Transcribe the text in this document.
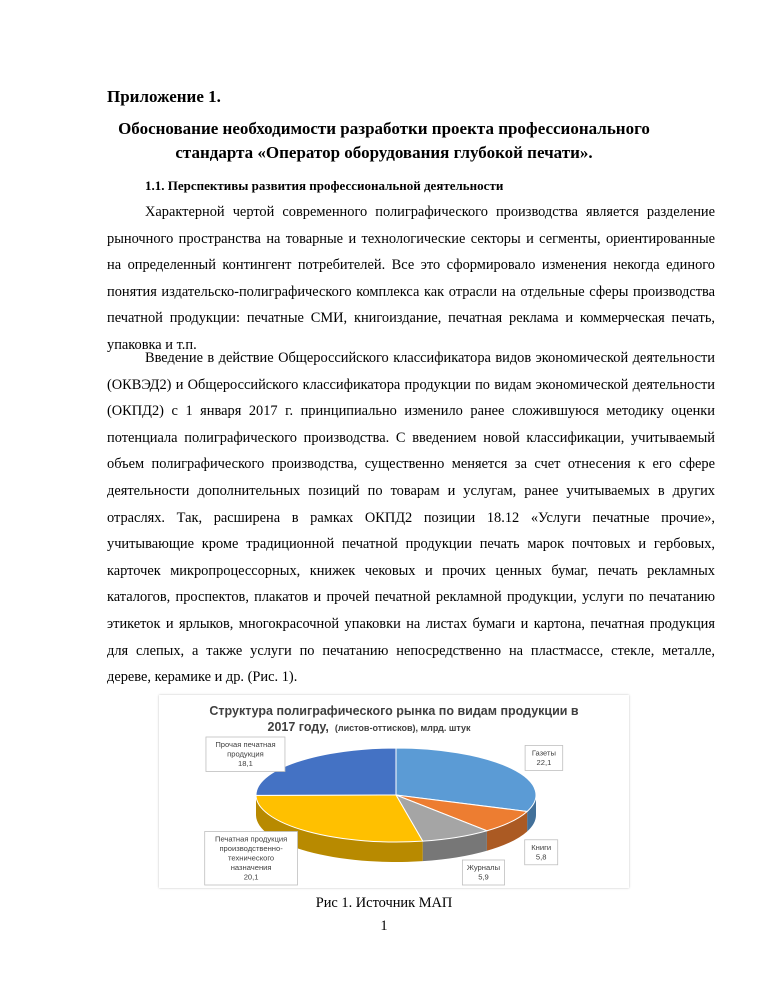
Приложение 1.

Обоснование необходимости разработки проекта профессионального стандарта «Оператор оборудования глубокой печати».

1.1. Перспективы развития профессиональной деятельности

Характерной чертой современного полиграфического производства является разделение рыночного пространства на товарные и технологические секторы и сегменты, ориентированные на определенный контингент потребителей. Все это сформировало изменения некогда единого понятия издательско-полиграфического комплекса как отрасли на отдельные сферы производства печатной продукции: печатные СМИ, книгоиздание, печатная реклама и коммерческая печать, упаковка и т.п.

Введение в действие Общероссийского классификатора видов экономической деятельности (ОКВЭД2) и Общероссийского классификатора продукции по видам экономической деятельности (ОКПД2) с 1 января 2017 г. принципиально изменило ранее сложившуюся методику оценки потенциала полиграфического производства. С введением новой классификации, учитываемый объем полиграфического производства, существенно меняется за счет отнесения к его сфере деятельности дополнительных позиций по товарам и услугам, ранее учитываемых в других отраслях. Так, расширена в рамках ОКПД2 позиции 18.12 «Услуги печатные прочие», учитывающие кроме традиционной печатной продукции печать марок почтовых и гербовых, карточек микропроцессорных, книжек чековых и прочих ценных бумаг, печать рекламных каталогов, проспектов, плакатов и прочей печатной рекламной продукции, услуги по печатанию этикеток и ярлыков, многокрасочной упаковки на листах бумаги и картона, печатная продукция для слепых, а также услуги по печатанию непосредственно на пластмассе, стекле, металле, дереве, керамике и др. (Рис. 1).

Структура полиграфического рынка по видам продукции в
2017 году, (листов-оттисков), млрд. штук
Газеты
22,1
Книги
5,8
Журналы
5,9
Печатная продукция
производственно-
технического
назначения
20,1
Прочая печатная
продукция
18,1

Рис 1. Источник МАП

1
